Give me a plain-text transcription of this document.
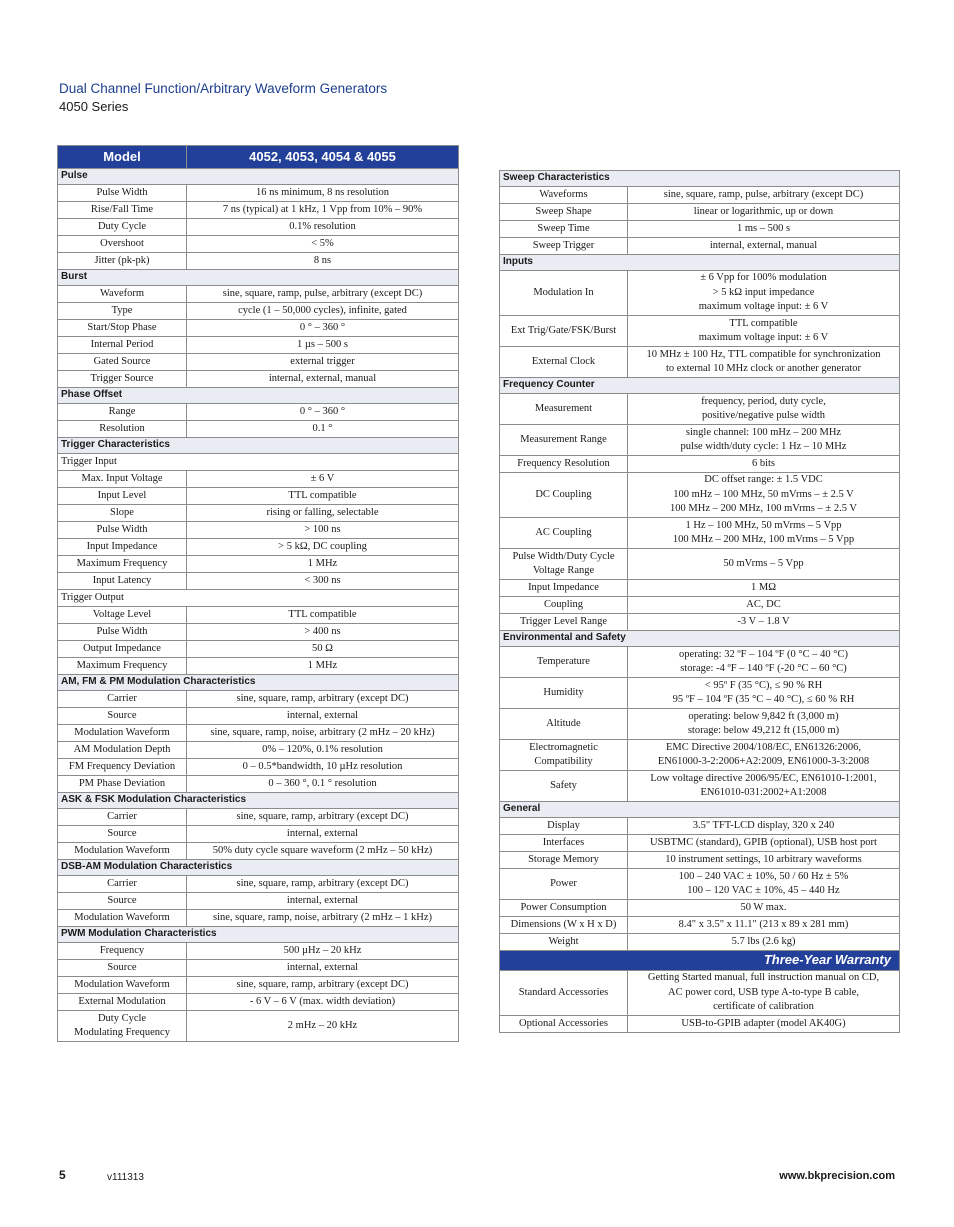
Dual Channel Function/Arbitrary Waveform Generators
4050 Series
Model	4052, 4053, 4054 & 4055
Pulse	
Pulse Width	16 ns minimum, 8 ns resolution
Rise/Fall Time	7 ns (typical) at 1 kHz, 1 Vpp from 10% – 90%
Duty Cycle	0.1% resolution
Overshoot	< 5%
Jitter (pk-pk)	8 ns
Burst	
Waveform	sine, square, ramp, pulse, arbitrary (except DC)
Type	cycle (1 – 50,000 cycles), infinite, gated
Start/Stop Phase	0 ° – 360 °
Internal Period	1 µs – 500 s
Gated Source	external trigger
Trigger Source	internal, external, manual
Phase Offset	
Range	0 ° – 360 °
Resolution	0.1 °
Trigger Characteristics	
Trigger Input	
Max. Input Voltage	± 6 V
Input Level	TTL compatible
Slope	rising or falling, selectable
Pulse Width	> 100 ns
Input Impedance	> 5 kΩ, DC coupling
Maximum Frequency	1 MHz
Input Latency	< 300 ns
Trigger Output	
Voltage Level	TTL compatible
Pulse Width	> 400 ns
Output Impedance	50 Ω
Maximum Frequency	1 MHz
AM, FM & PM Modulation Characteristics	
Carrier	sine, square, ramp, arbitrary (except DC)
Source	internal, external
Modulation Waveform	sine, square, ramp, noise, arbitrary (2 mHz – 20 kHz)
AM Modulation Depth	0% – 120%, 0.1% resolution
FM Frequency Deviation	0 – 0.5*bandwidth, 10 µHz resolution
PM Phase Deviation	0 – 360 °, 0.1 ° resolution
ASK & FSK Modulation Characteristics	
Carrier	sine, square, ramp, arbitrary (except DC)
Source	internal, external
Modulation Waveform	50% duty cycle square waveform (2 mHz – 50 kHz)
DSB-AM Modulation Characteristics	
Carrier	sine, square, ramp, arbitrary (except DC)
Source	internal, external
Modulation Waveform	sine, square, ramp, noise, arbitrary (2 mHz – 1 kHz)
PWM Modulation Characteristics	
Frequency	500 µHz – 20 kHz
Source	internal, external
Modulation Waveform	sine, square, ramp, arbitrary (except DC)
External Modulation	- 6 V – 6 V (max. width deviation)
Duty Cycle
Modulating Frequency	2 mHz – 20 kHz
Sweep Characteristics	
Waveforms	sine, square, ramp, pulse, arbitrary (except DC)
Sweep Shape	linear or logarithmic, up or down
Sweep Time	1 ms – 500 s
Sweep Trigger	internal, external, manual
Inputs	
Modulation In	± 6 Vpp for 100% modulation
> 5 kΩ input impedance
maximum voltage input: ± 6 V
Ext Trig/Gate/FSK/Burst	TTL compatible
maximum voltage input: ± 6 V
External Clock	10 MHz ± 100 Hz, TTL compatible for synchronization
to external 10 MHz clock or another generator
Frequency Counter	
Measurement	frequency, period, duty cycle,
positive/negative pulse width
Measurement Range	single channel: 100 mHz – 200 MHz
pulse width/duty cycle: 1 Hz – 10 MHz
Frequency Resolution	6 bits
DC Coupling	DC offset range: ± 1.5 VDC
100 mHz – 100 MHz, 50 mVrms – ± 2.5 V
100 MHz – 200 MHz, 100 mVrms – ± 2.5 V
AC Coupling	1 Hz – 100 MHz, 50 mVrms – 5 Vpp
100 MHz – 200 MHz, 100 mVrms – 5 Vpp
Pulse Width/Duty Cycle
Voltage Range	50 mVrms – 5 Vpp
Input Impedance	1 MΩ
Coupling	AC, DC
Trigger Level Range	-3 V – 1.8 V
Environmental and Safety	
Temperature	operating: 32 ºF – 104 ºF (0 °C – 40 °C)
storage: -4 ºF – 140 ºF (-20 °C – 60 °C)
Humidity	< 95º F (35 °C), ≤ 90 % RH
95 ºF – 104 ºF (35 °C – 40 °C), ≤ 60 % RH
Altitude	operating: below 9,842 ft (3,000 m)
storage: below 49,212 ft (15,000 m)
Electromagnetic
Compatibility	EMC Directive 2004/108/EC, EN61326:2006,
EN61000-3-2:2006+A2:2009, EN61000-3-3:2008
Safety	Low voltage directive 2006/95/EC, EN61010-1:2001,
EN61010-031:2002+A1:2008
General	
Display	3.5" TFT-LCD display, 320 x 240
Interfaces	USBTMC (standard), GPIB (optional), USB host port
Storage Memory	10 instrument settings, 10 arbitrary waveforms
Power	100 – 240 VAC ± 10%, 50 / 60 Hz ± 5%
100 – 120 VAC ± 10%, 45 – 440 Hz
Power Consumption	50 W max.
Dimensions (W x H x D)	8.4" x 3.5" x 11.1" (213 x 89 x 281 mm)
Weight	5.7 lbs (2.6 kg)
Three-Year Warranty	
Standard Accessories	Getting Started manual, full instruction manual on CD,
AC power cord, USB type A-to-type B cable,
certificate of calibration
Optional Accessories	USB-to-GPIB adapter (model AK40G)
5	v111313	www.bkprecision.com
